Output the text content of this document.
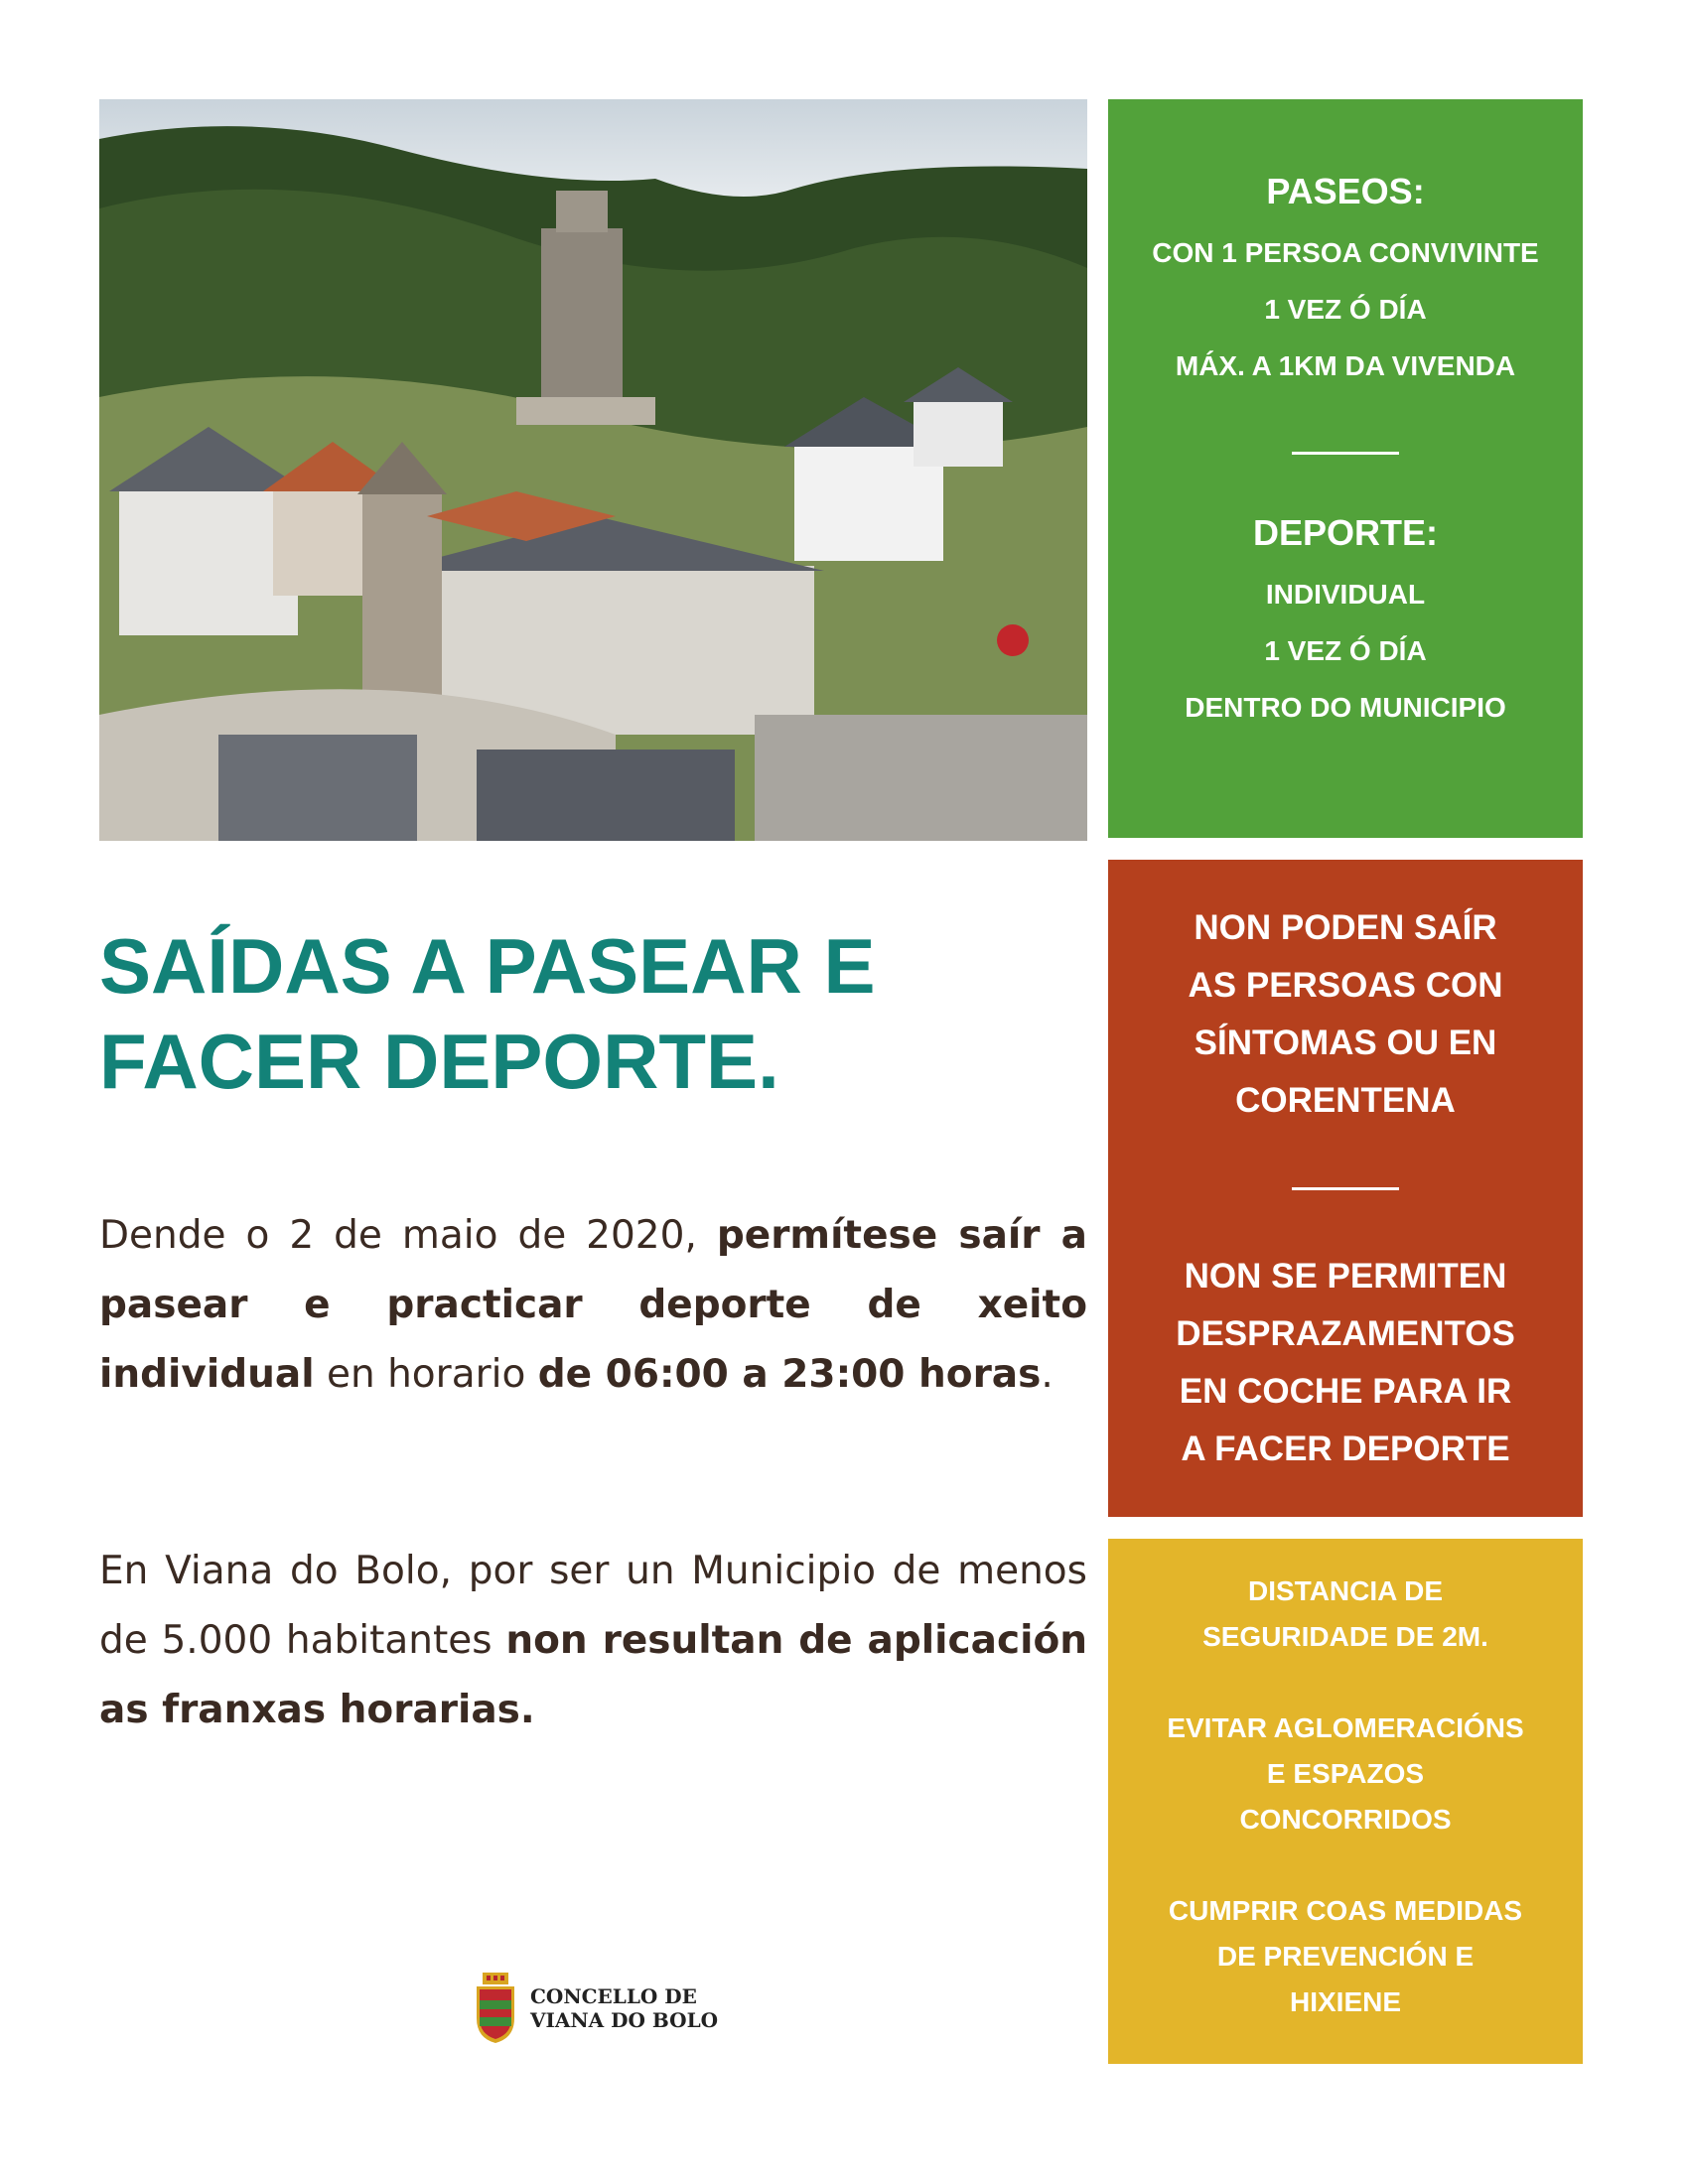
PASEOS:

CON 1 PERSOA CONVIVINTE

1 VEZ Ó DÍA

MÁX. A 1KM DA VIVENDA

DEPORTE:

INDIVIDUAL

1 VEZ Ó DÍA

DENTRO DO MUNICIPIO

NON PODEN SAÍR

AS PERSOAS CON

SÍNTOMAS OU EN

CORENTENA

NON SE PERMITEN

DESPRAZAMENTOS

EN COCHE PARA IR

A FACER DEPORTE

DISTANCIA DE

SEGURIDADE DE 2M.

EVITAR AGLOMERACIÓNS

E ESPAZOS

CONCORRIDOS

CUMPRIR COAS MEDIDAS

DE PREVENCIÓN E

HIXIENE

SAÍDAS A PASEAR E
FACER DEPORTE.

Dende o 2 de maio de 2020, permítese saír a pasear e practicar deporte de xeito individual en horario de 06:00 a 23:00 horas.

En Viana do Bolo, por ser un Municipio de menos de 5.000 habitantes non resultan de aplicación as franxas horarias.

CONCELLO DE
VIANA DO BOLO
